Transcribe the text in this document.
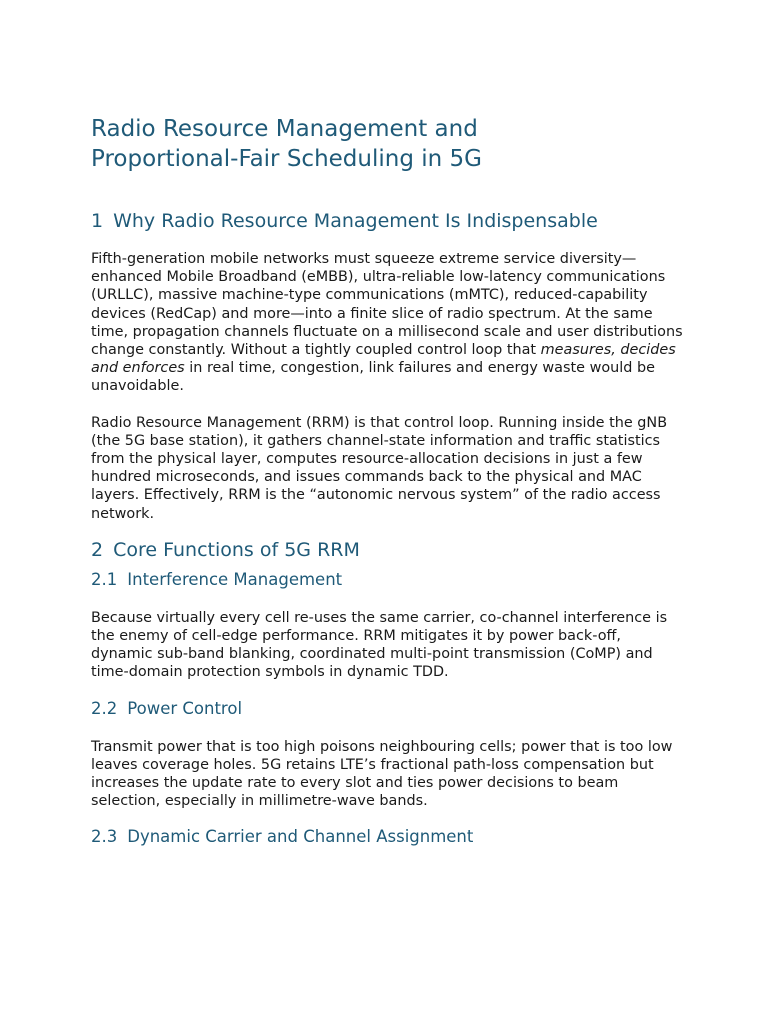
Radio Resource Management and
Proportional-Fair Scheduling in 5G
1 Why Radio Resource Management Is Indispensable

Fifth-generation mobile networks must squeeze extreme service diversity—enhanced Mobile Broadband (eMBB), ultra-reliable low-latency communications (URLLC), massive machine-type communications (mMTC), reduced-capability devices (RedCap) and more—into a finite slice of radio spectrum. At the same time, propagation channels fluctuate on a millisecond scale and user distributions change constantly. Without a tightly coupled control loop that measures, decides and enforces in real time, congestion, link failures and energy waste would be unavoidable.

Radio Resource Management (RRM) is that control loop. Running inside the gNB (the 5G base station), it gathers channel-state information and traffic statistics from the physical layer, computes resource-allocation decisions in just a few hundred microseconds, and issues commands back to the physical and MAC layers. Effectively, RRM is the “autonomic nervous system” of the radio access network.

2 Core Functions of 5G RRM
2.1 Interference Management

Because virtually every cell re-uses the same carrier, co-channel interference is the enemy of cell-edge performance. RRM mitigates it by power back-off, dynamic sub-band blanking, coordinated multi-point transmission (CoMP) and time-domain protection symbols in dynamic TDD.

2.2 Power Control

Transmit power that is too high poisons neighbouring cells; power that is too low leaves coverage holes. 5G retains LTE’s fractional path-loss compensation but increases the update rate to every slot and ties power decisions to beam selection, especially in millimetre-wave bands.

2.3 Dynamic Carrier and Channel Assignment
